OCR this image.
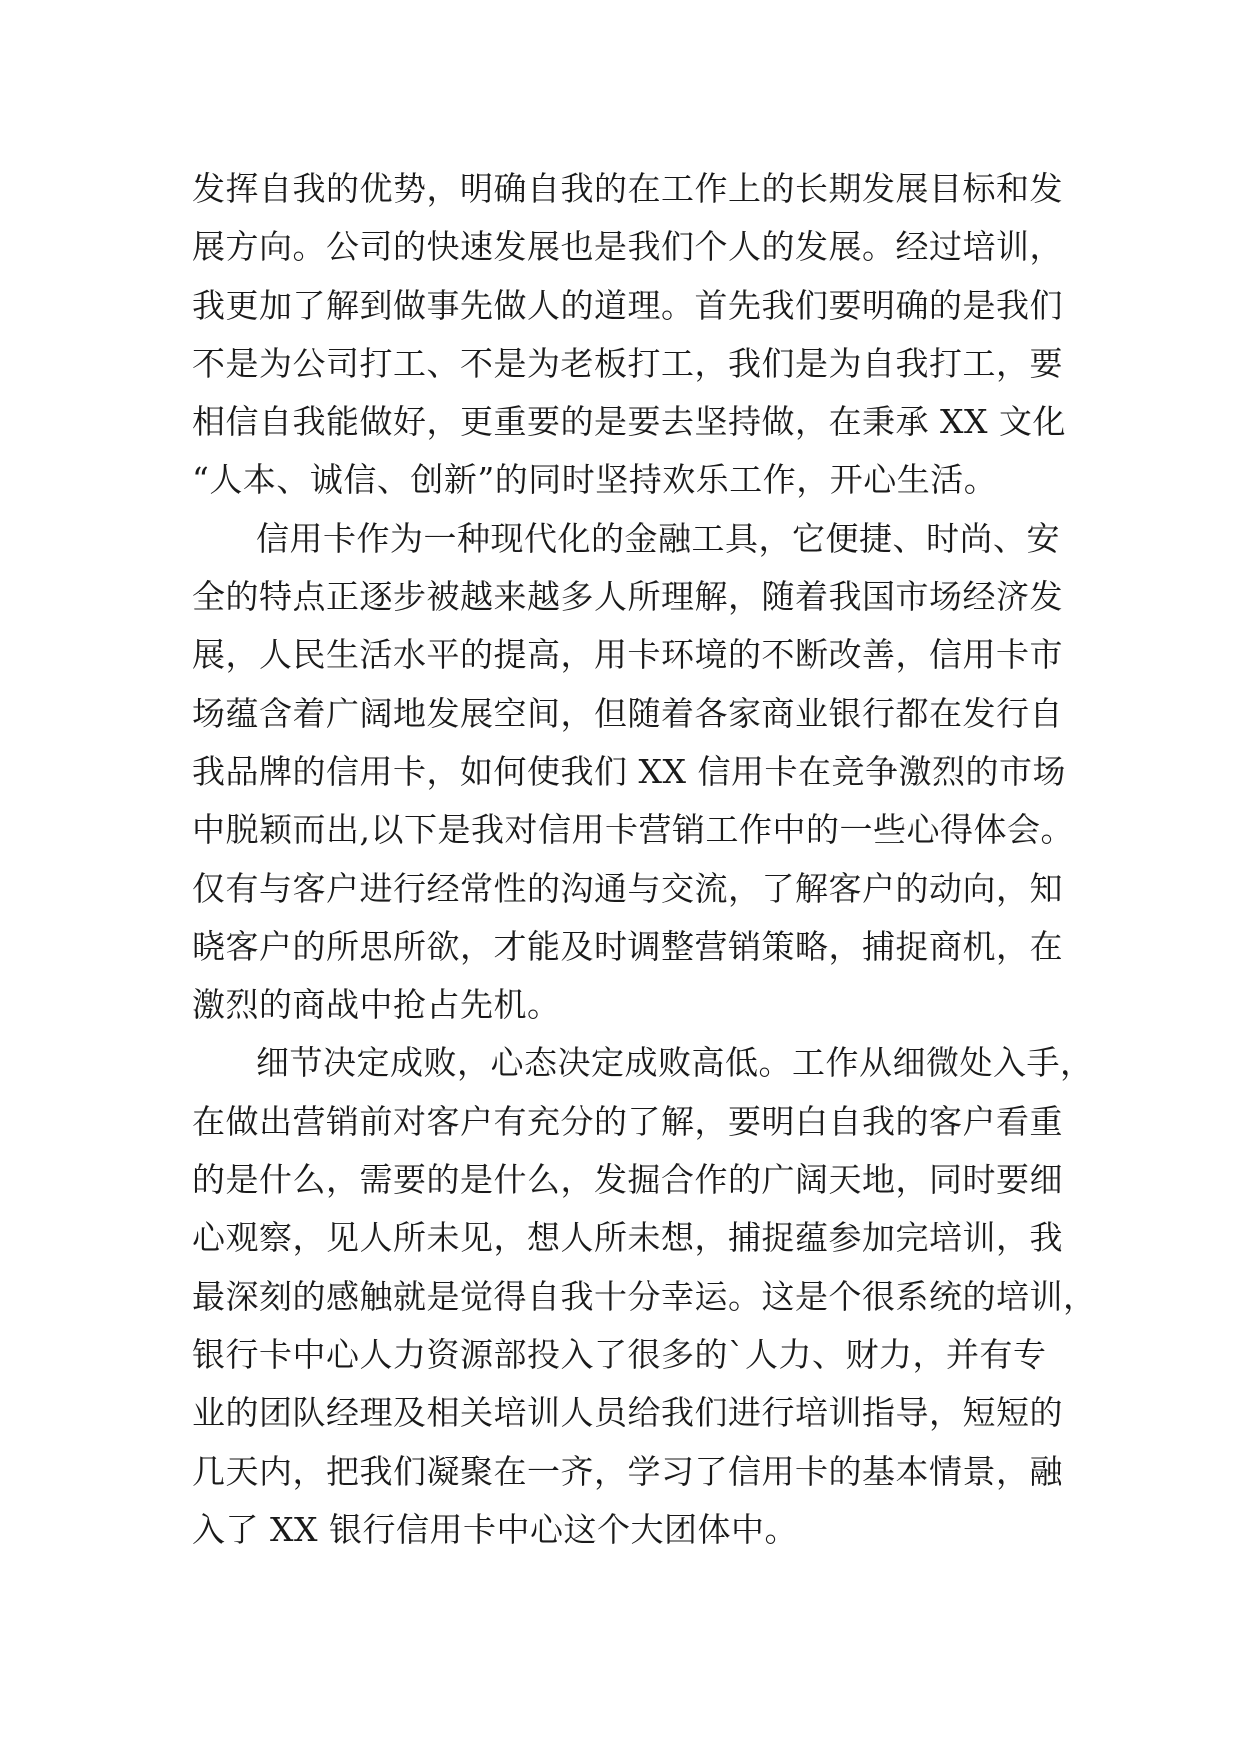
发挥自我的优势，明确自我的在工作上的长期发展目标和发
展方向。公司的快速发展也是我们个人的发展。经过培训，
我更加了解到做事先做人的道理。首先我们要明确的是我们
不是为公司打工、不是为老板打工，我们是为自我打工，要
相信自我能做好，更重要的是要去坚持做，在秉承 XX 文化
“人本、诚信、创新”的同时坚持欢乐工作，开心生活。
信用卡作为一种现代化的金融工具，它便捷、时尚、安
全的特点正逐步被越来越多人所理解，随着我国市场经济发
展，人民生活水平的提高，用卡环境的不断改善，信用卡市
场蕴含着广阔地发展空间，但随着各家商业银行都在发行自
我品牌的信用卡，如何使我们 XX 信用卡在竞争激烈的市场
中脱颖而出,以下是我对信用卡营销工作中的一些心得体会。
仅有与客户进行经常性的沟通与交流，了解客户的动向，知
晓客户的所思所欲，才能及时调整营销策略，捕捉商机，在
激烈的商战中抢占先机。
细节决定成败，心态决定成败高低。工作从细微处入手，
在做出营销前对客户有充分的了解，要明白自我的客户看重
的是什么，需要的是什么，发掘合作的广阔天地，同时要细
心观察，见人所未见，想人所未想，捕捉蕴参加完培训，我
最深刻的感触就是觉得自我十分幸运。这是个很系统的培训，
银行卡中心人力资源部投入了很多的`人力、财力，并有专
业的团队经理及相关培训人员给我们进行培训指导，短短的
几天内，把我们凝聚在一齐，学习了信用卡的基本情景，融
入了 XX 银行信用卡中心这个大团体中。
